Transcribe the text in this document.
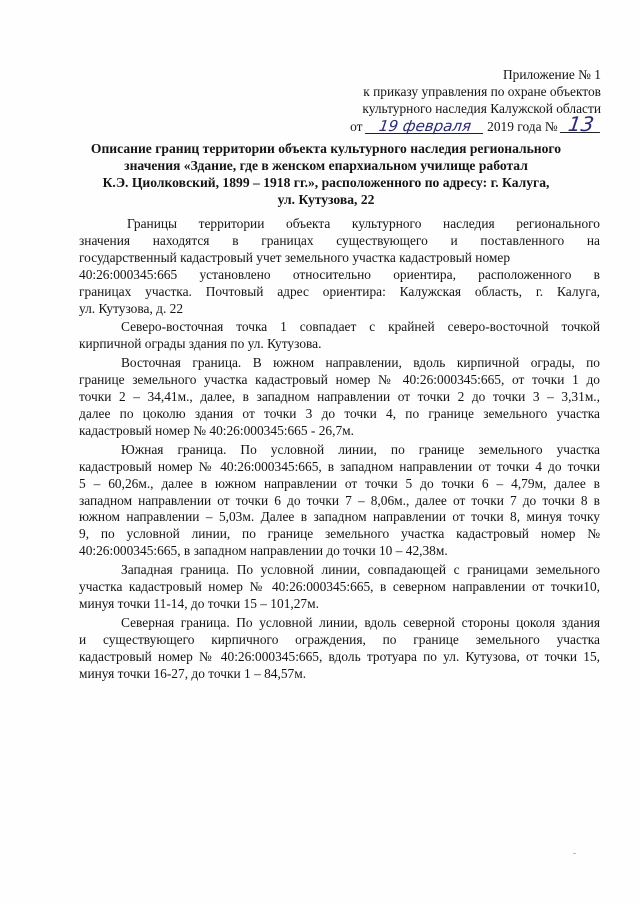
Приложение № 1
к приказу управления по охране объектов
культурного наследия Калужской области
от 19 февраля 2019 года № 13
Описание границ территории объекта культурного наследия регионального
значения «Здание, где в женском епархиальном училище работал
К.Э. Циолковский, 1899 – 1918 гг.», расположенного по адресу: г. Калуга,
ул. Кутузова, 22
Границы территории объекта культурного наследия регионального
значения находятся в границах существующего и поставленного на
государственный кадастровый учет земельного участка кадастровый номер
40:26:000345:665 установлено относительно ориентира, расположенного в
границах участка. Почтовый адрес ориентира: Калужская область, г. Калуга,
ул. Кутузова, д. 22
Северо-восточная точка 1 совпадает с крайней северо-восточной точкой
кирпичной ограды здания по ул. Кутузова.
Восточная граница. В южном направлении, вдоль кирпичной ограды, по
границе земельного участка кадастровый номер № 40:26:000345:665, от точки 1 до
точки 2 – 34,41м., далее, в западном направлении от точки 2 до точки 3 – 3,31м.,
далее по цоколю здания от точки 3 до точки 4, по границе земельного участка
кадастровый номер № 40:26:000345:665 - 26,7м.
Южная граница. По условной линии, по границе земельного участка
кадастровый номер № 40:26:000345:665, в западном направлении от точки 4 до точки
5 – 60,26м., далее в южном направлении от точки 5 до точки 6 – 4,79м, далее в
западном направлении от точки 6 до точки 7 – 8,06м., далее от точки 7 до точки 8 в
южном направлении – 5,03м. Далее в западном направлении от точки 8, минуя точку
9, по условной линии, по границе земельного участка кадастровый номер №
40:26:000345:665, в западном направлении до точки 10 – 42,38м.
Западная граница. По условной линии, совпадающей с границами земельного
участка кадастровый номер № 40:26:000345:665, в северном направлении от точки10,
минуя точки 11-14, до точки 15 – 101,27м.
Северная граница. По условной линии, вдоль северной стороны цоколя здания
и существующего кирпичного ограждения, по границе земельного участка
кадастровый номер № 40:26:000345:665, вдоль тротуара по ул. Кутузова, от точки 15,
минуя точки 16-27, до точки 1 – 84,57м.
